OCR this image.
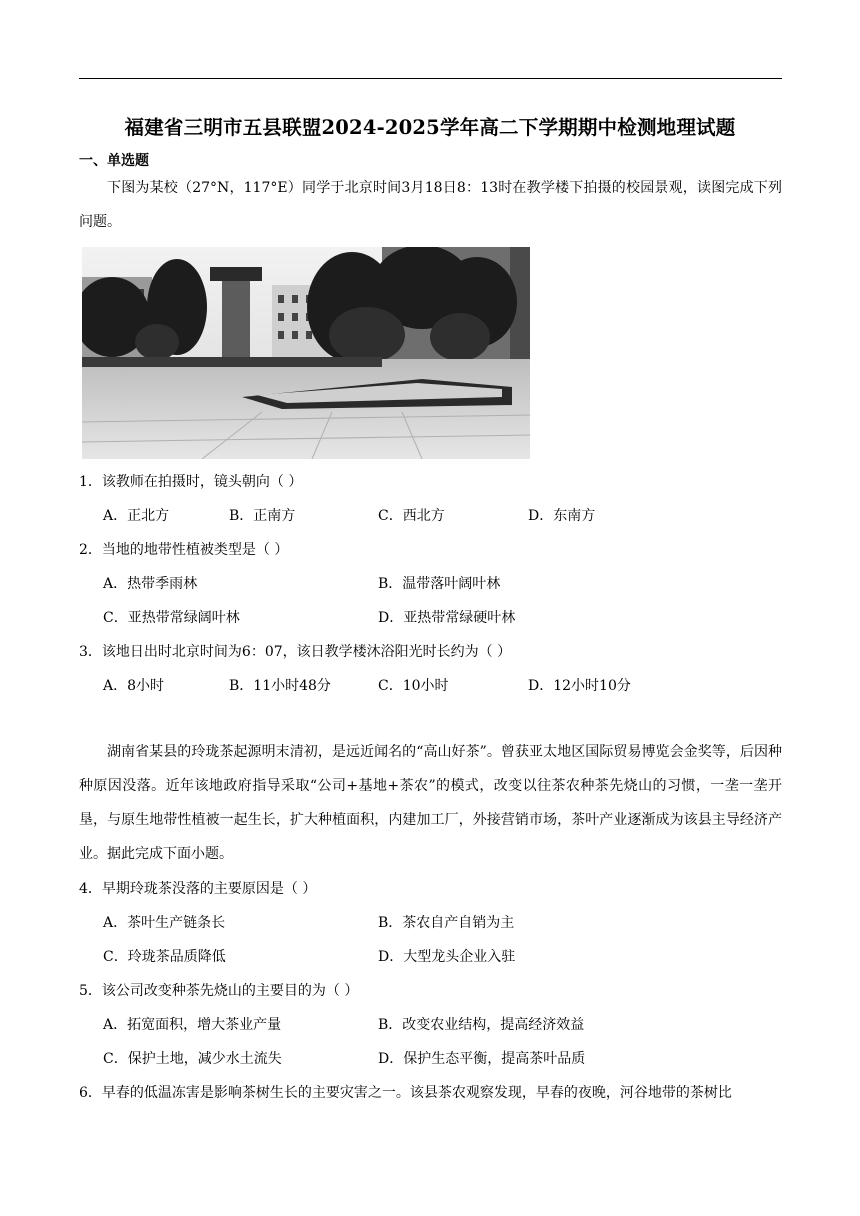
福建省三明市五县联盟2024-2025学年高二下学期期中检测地理试题
一、单选题

下图为某校（27°N，117°E）同学于北京时间3月18日8：13时在教学楼下拍摄的校园景观，读图完成下列问题。

1．该教师在拍摄时，镜头朝向（ ）
A．正北方	B．正南方	C．西北方	D．东南方
2．当地的地带性植被类型是（ ）
A．热带季雨林	B．温带落叶阔叶林
C．亚热带常绿阔叶林	D．亚热带常绿硬叶林
3．该地日出时北京时间为6：07，该日教学楼沐浴阳光时长约为（ ）
A．8小时	B．11小时48分	C．10小时	D．12小时10分

湖南省某县的玲珑茶起源明末清初，是远近闻名的“高山好茶”。曾获亚太地区国际贸易博览会金奖等，后因种种原因没落。近年该地政府指导采取“公司+基地+茶农”的模式，改变以往茶农种茶先烧山的习惯，一垄一垄开垦，与原生地带性植被一起生长，扩大种植面积，内建加工厂，外接营销市场，茶叶产业逐渐成为该县主导经济产业。据此完成下面小题。

4．早期玲珑茶没落的主要原因是（ ）
A．茶叶生产链条长	B．茶农自产自销为主
C．玲珑茶品质降低	D．大型龙头企业入驻
5．该公司改变种茶先烧山的主要目的为（ ）
A．拓宽面积，增大茶业产量	B．改变农业结构，提高经济效益
C．保护土地，减少水土流失	D．保护生态平衡，提高茶叶品质
6．早春的低温冻害是影响茶树生长的主要灾害之一。该县茶农观察发现，早春的夜晚，河谷地带的茶树比
